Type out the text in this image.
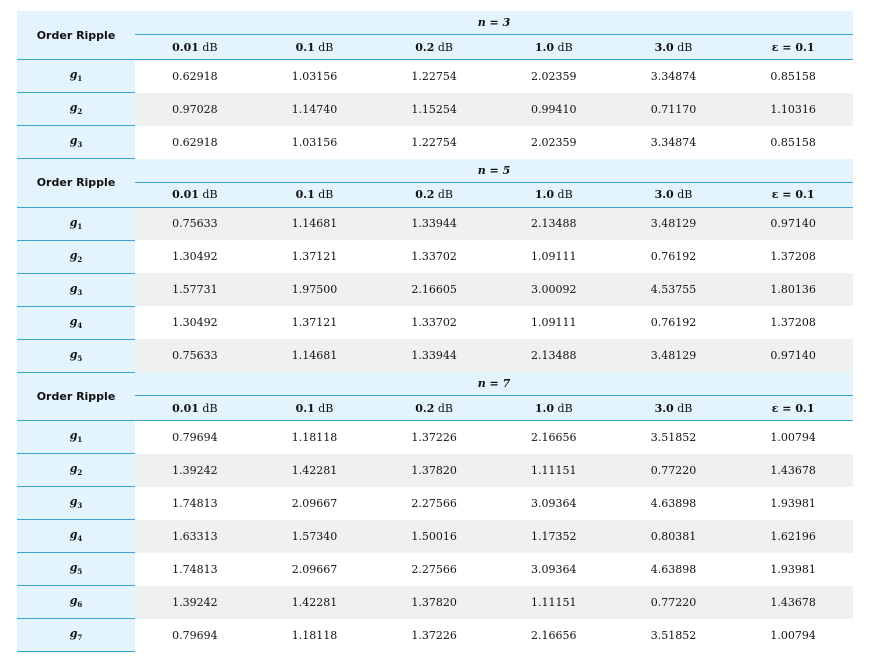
Order Ripple	n = 3					
	0.01 dB	0.1 dB	0.2 dB	1.0 dB	3.0 dB	ε = 0.1
$g_1$	0.62918	1.03156	1.22754	2.02359	3.34874	0.85158
$g_2$	0.97028	1.14740	1.15254	0.99410	0.71170	1.10316
$g_3$	0.62918	1.03156	1.22754	2.02359	3.34874	0.85158
Order Ripple	n = 5					
	0.01 dB	0.1 dB	0.2 dB	1.0 dB	3.0 dB	ε = 0.1
$g_1$	0.75633	1.14681	1.33944	2.13488	3.48129	0.97140
$g_2$	1.30492	1.37121	1.33702	1.09111	0.76192	1.37208
$g_3$	1.57731	1.97500	2.16605	3.00092	4.53755	1.80136
$g_4$	1.30492	1.37121	1.33702	1.09111	0.76192	1.37208
$g_5$	0.75633	1.14681	1.33944	2.13488	3.48129	0.97140
Order Ripple	n = 7					
	0.01 dB	0.1 dB	0.2 dB	1.0 dB	3.0 dB	ε = 0.1
$g_1$	0.79694	1.18118	1.37226	2.16656	3.51852	1.00794
$g_2$	1.39242	1.42281	1.37820	1.11151	0.77220	1.43678
$g_3$	1.74813	2.09667	2.27566	3.09364	4.63898	1.93981
$g_4$	1.63313	1.57340	1.50016	1.17352	0.80381	1.62196
$g_5$	1.74813	2.09667	2.27566	3.09364	4.63898	1.93981
$g_6$	1.39242	1.42281	1.37820	1.11151	0.77220	1.43678
$g_7$	0.79694	1.18118	1.37226	2.16656	3.51852	1.00794
